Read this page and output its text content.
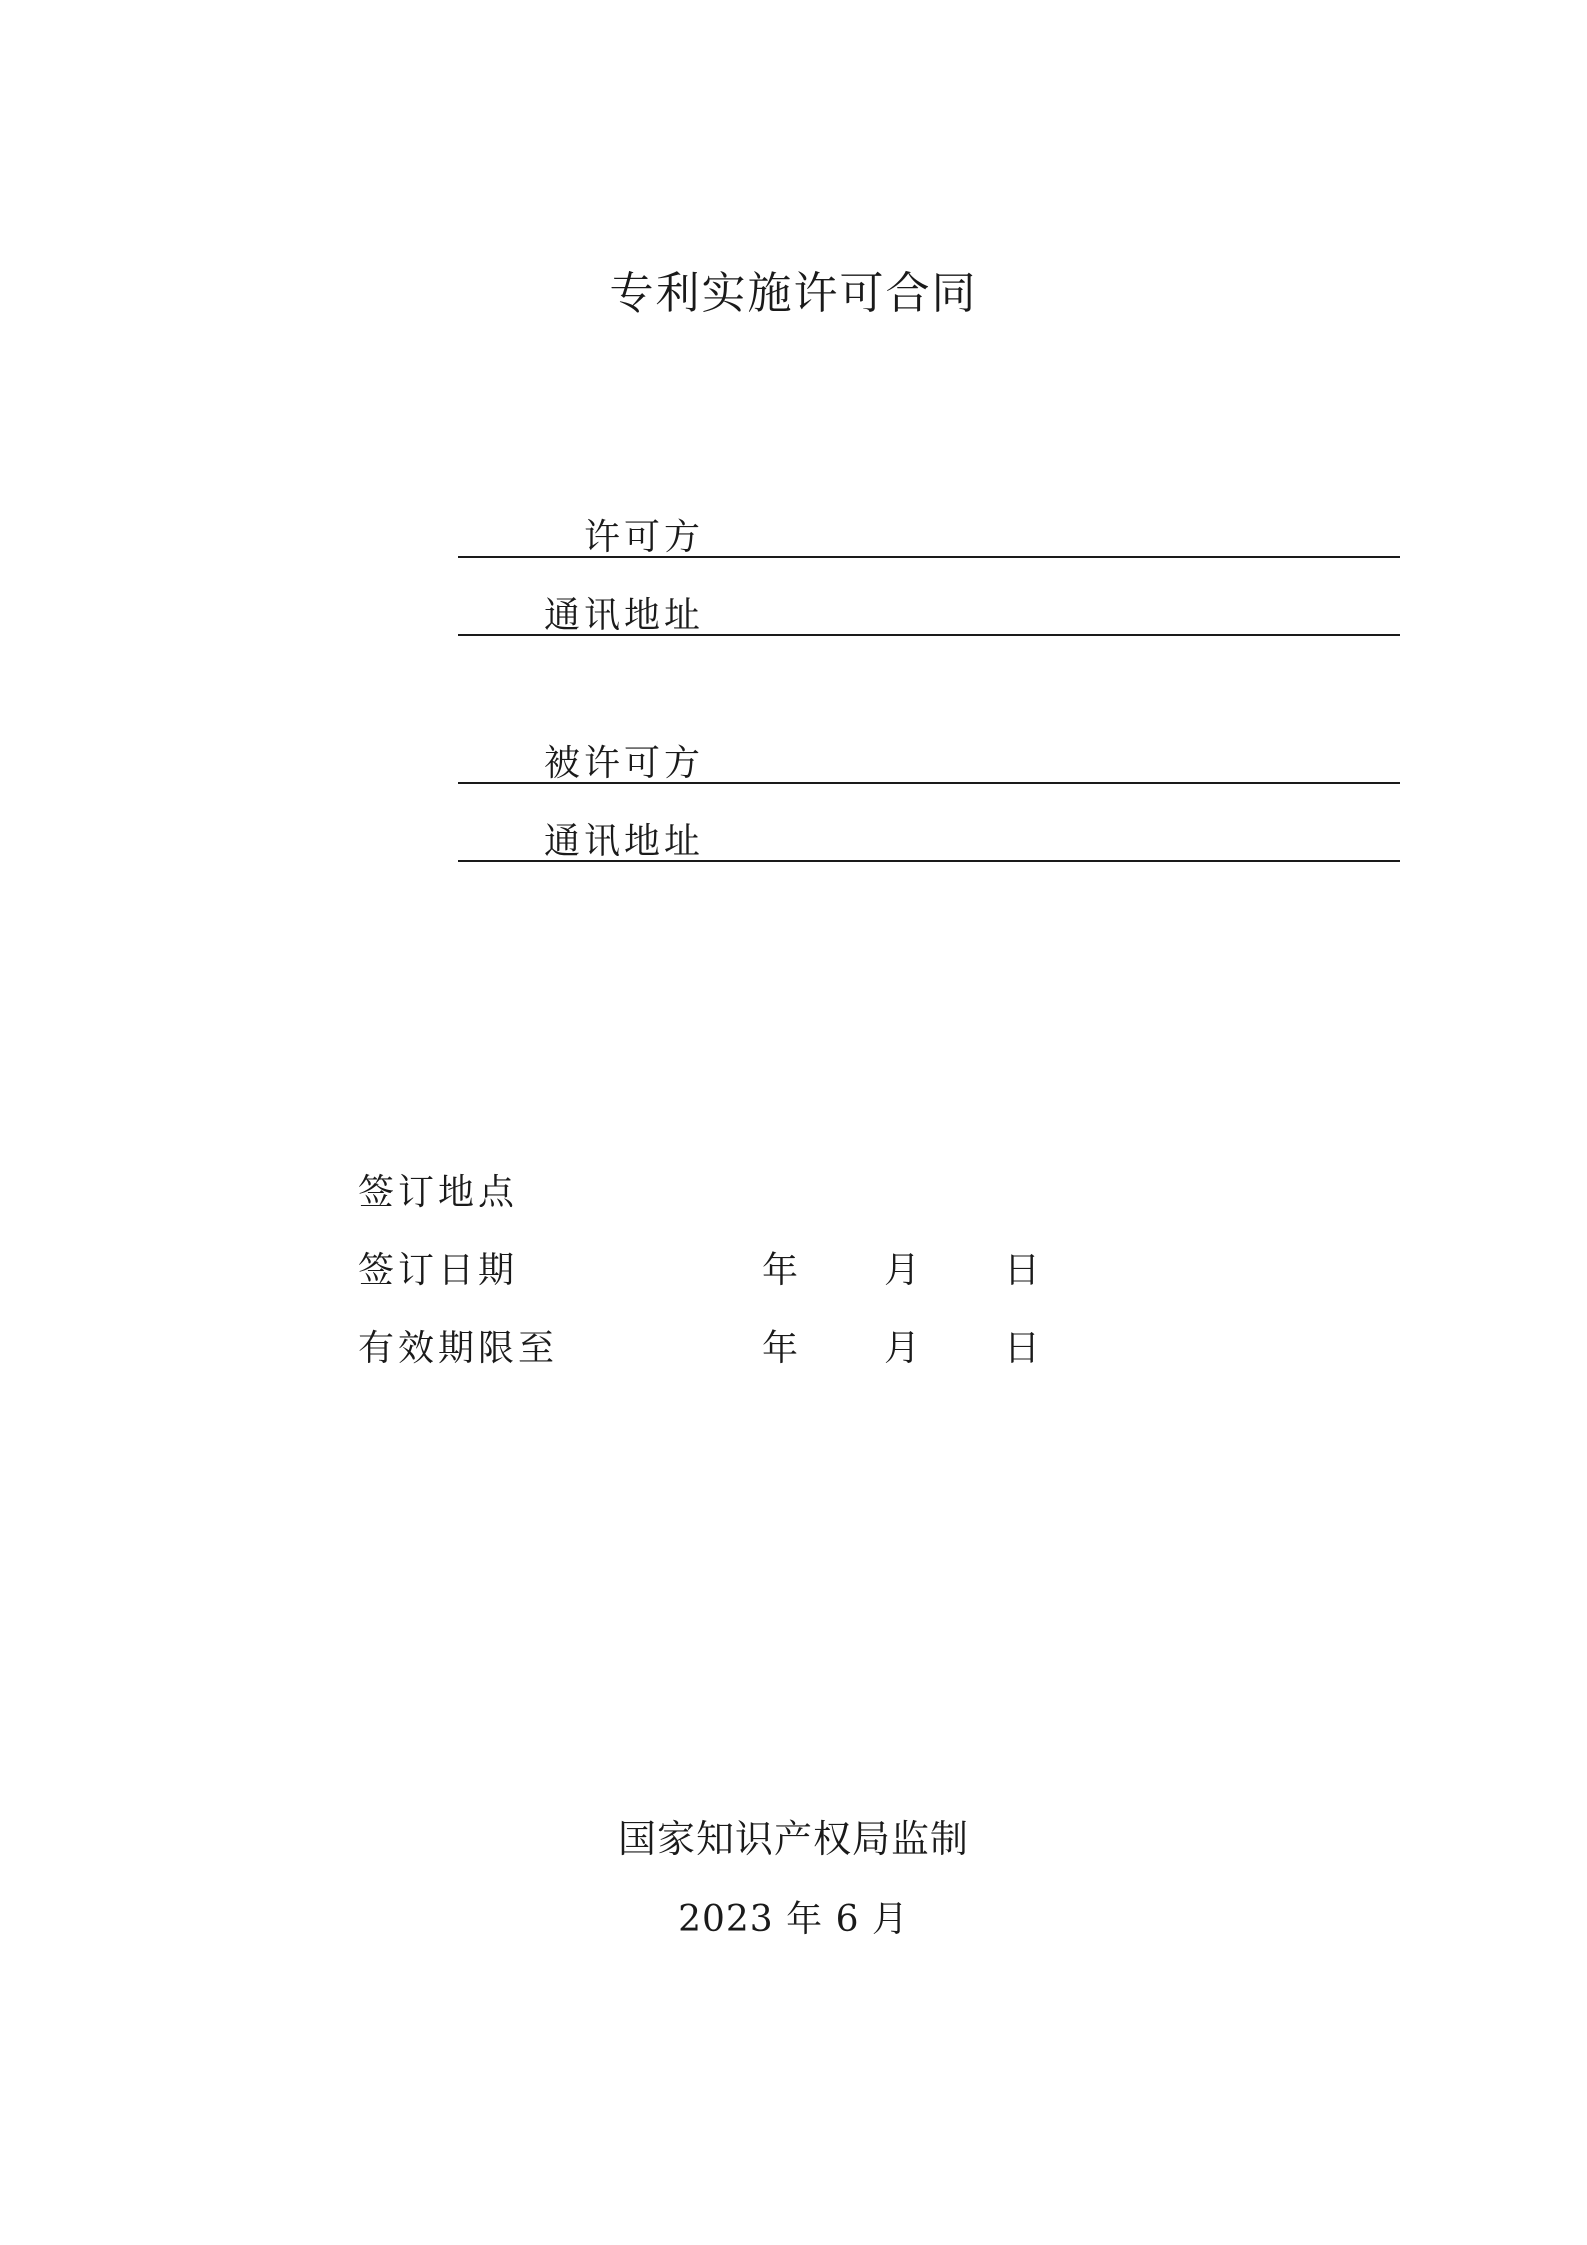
专利实施许可合同
许可方
通讯地址
被许可方
通讯地址
签订地点
签订日期	年 月 日
有效期限至	年 月 日
国家知识产权局监制
2023 年 6 月
